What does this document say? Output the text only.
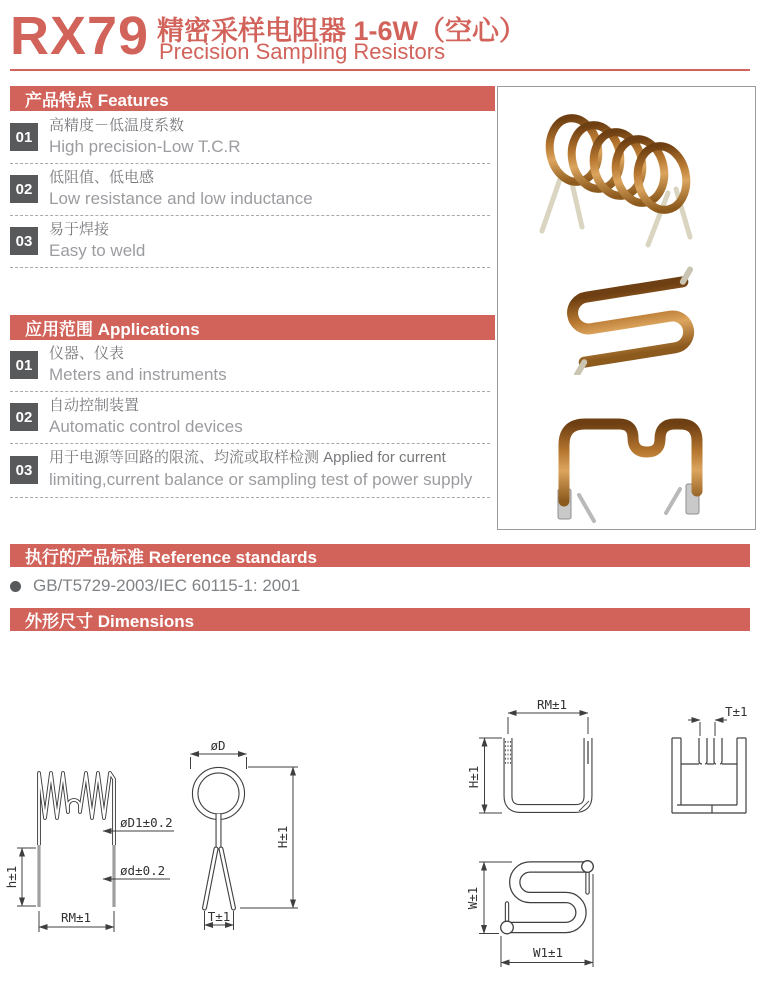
RX79 精密采样电阻器 1-6W（空心）
Precision Sampling Resistors
产品特点 Features
01
高精度－低温度系数
High precision-Low T.C.R
02
低阻值、低电感
Low resistance and low inductance
03
易于焊接
Easy to weld
应用范围 Applications
01
仪器、仪表
Meters and instruments
02
自动控制装置
Automatic control devices
03
用于电源等回路的限流、均流或取样检测 Applied for current
limiting,current balance or sampling test of power supply
执行的产品标准 Reference standards
GB/T5729-2003/IEC 60115-1: 2001
外形尺寸 Dimensions
h±1
RM±1
øD1±0.2
ød±0.2
øD
H±1
T±1
RM±1
H±1
T±1
W±1
W1±1
